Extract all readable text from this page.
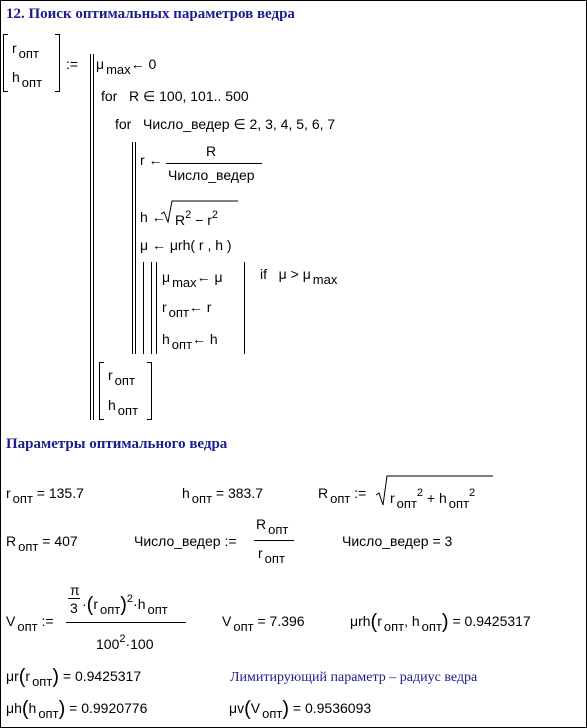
12. Поиск оптимальных параметров ведра
r опт
h опт
:= μ max← 0
for R ∈ 100, 101.. 500
for Число_ведер ∈ 2, 3, 4, 5, 6, 7
r ←
R
Число_ведер
h ← $R^2 - r^2$
μ ← μrh( r , h )
μ max← μ	if μ > μ max
r опт← r
h опт← h
r опт
h опт
Параметры оптимального ведра
r опт = 135.7	h опт = 383.7	R опт := r опт$^2$ + h опт$^2$
R опт = 407	Число_ведер :=
R опт
r опт
Число_ведер = 3
V опт :=
π
3 ·(r опт)$^2$·h опт
$100^2\cdot 100$
V опт = 7.396	μrh(r опт, h опт) = 0.9425317
μr(r опт) = 0.9425317	Лимитирующий параметр – радиус ведра
μh(h опт) = 0.9920776	μv(V опт) = 0.9536093
